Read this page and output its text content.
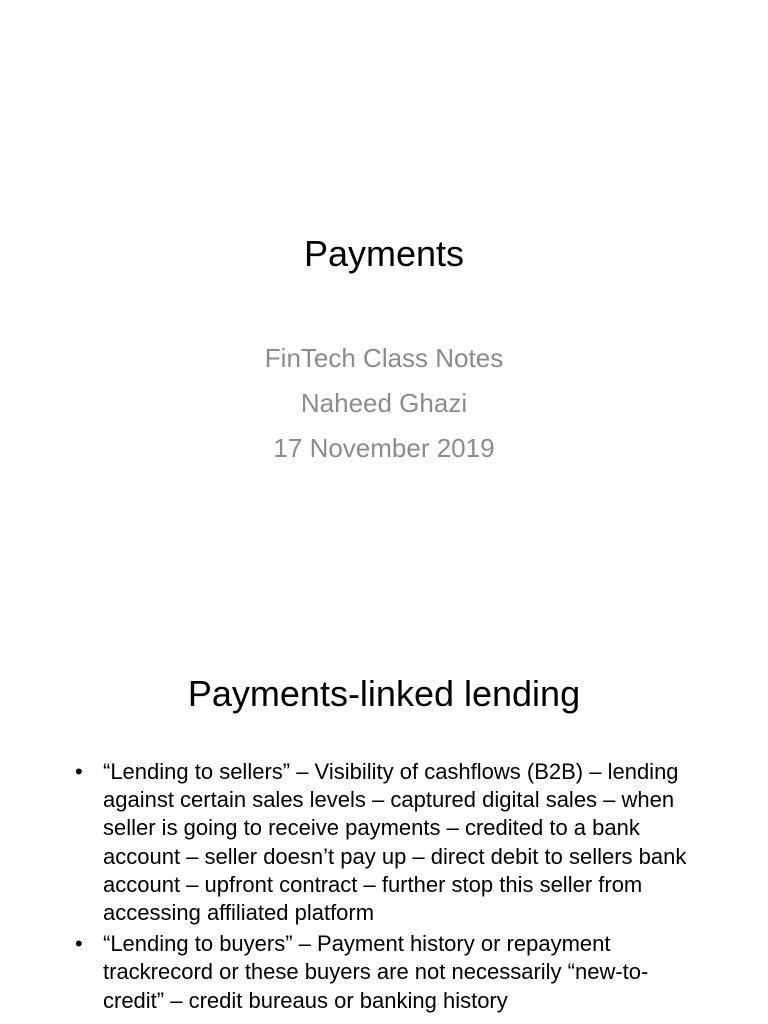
Payments
FinTech Class Notes
Naheed Ghazi
17 November 2019
Payments-linked lending
• “Lending to sellers” – Visibility of cashflows (B2B) – lending against certain sales levels – captured digital sales – when seller is going to receive payments – credited to a bank account – seller doesn’t pay up – direct debit to sellers bank account – upfront contract – further stop this seller from accessing affiliated platform
• “Lending to buyers” – Payment history or repayment trackrecord or these buyers are not necessarily “new-to-credit” – credit bureaus or banking history
